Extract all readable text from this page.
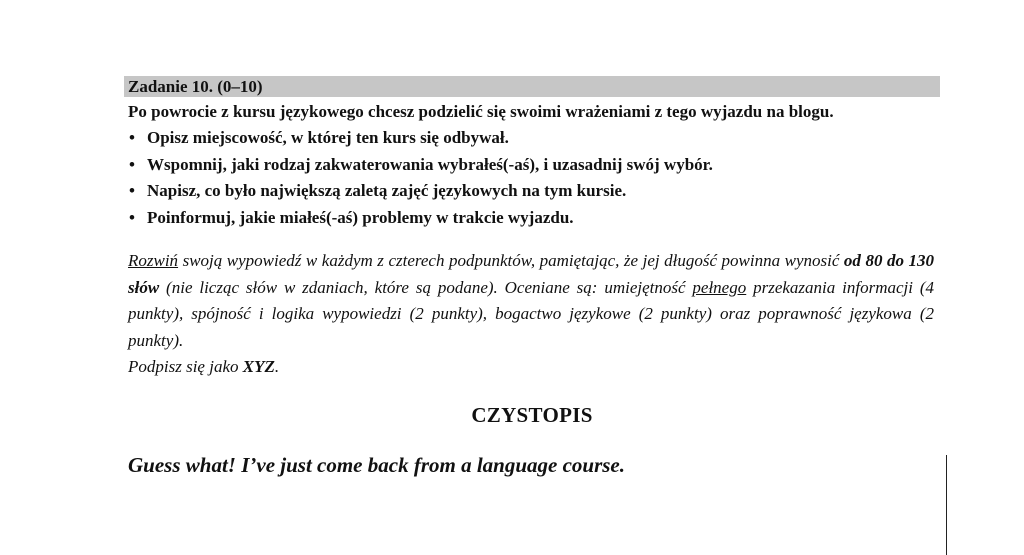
Zadanie 10. (0–10)
Po powrocie z kursu językowego chcesz podzielić się swoimi wrażeniami z tego wyjazdu na blogu.
• Opisz miejscowość, w której ten kurs się odbywał.
• Wspomnij, jaki rodzaj zakwaterowania wybrałeś(-aś), i uzasadnij swój wybór.
• Napisz, co było największą zaletą zajęć językowych na tym kursie.
• Poinformuj, jakie miałeś(-aś) problemy w trakcie wyjazdu.
Rozwiń swoją wypowiedź w każdym z czterech podpunktów, pamiętając, że jej długość powinna wynosić od 80 do 130 słów (nie licząc słów w zdaniach, które są podane). Oceniane są: umiejętność pełnego przekazania informacji (4 punkty), spójność i logika wypowiedzi (2 punkty), bogactwo językowe (2 punkty) oraz poprawność językowa (2 punkty).
Podpisz się jako XYZ.
CZYSTOPIS
Guess what! I’ve just come back from a language course.
